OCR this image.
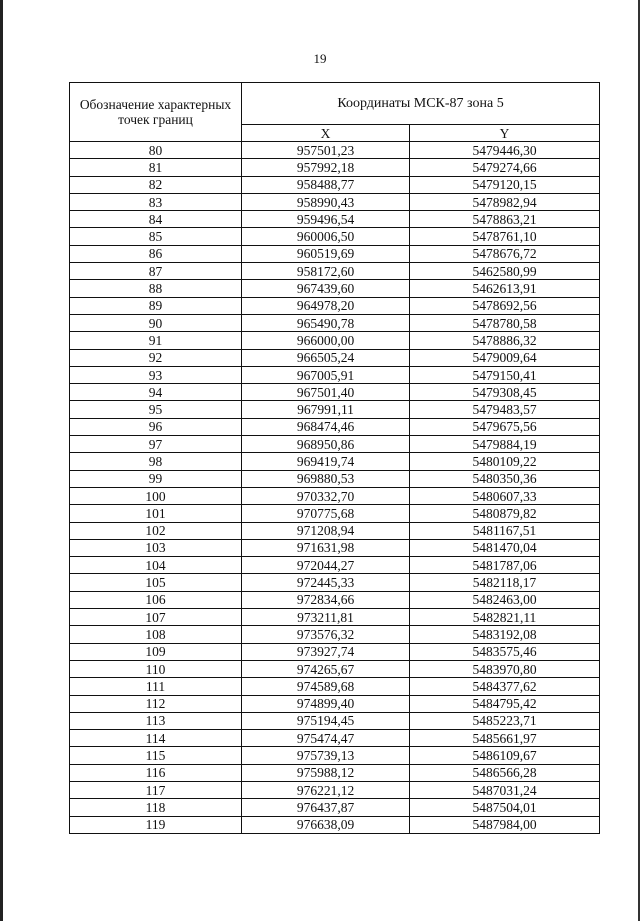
19
Обозначение характерных точек границ	Координаты МСК-87 зона 5	
	X	Y
80	957501,23	5479446,30
81	957992,18	5479274,66
82	958488,77	5479120,15
83	958990,43	5478982,94
84	959496,54	5478863,21
85	960006,50	5478761,10
86	960519,69	5478676,72
87	958172,60	5462580,99
88	967439,60	5462613,91
89	964978,20	5478692,56
90	965490,78	5478780,58
91	966000,00	5478886,32
92	966505,24	5479009,64
93	967005,91	5479150,41
94	967501,40	5479308,45
95	967991,11	5479483,57
96	968474,46	5479675,56
97	968950,86	5479884,19
98	969419,74	5480109,22
99	969880,53	5480350,36
100	970332,70	5480607,33
101	970775,68	5480879,82
102	971208,94	5481167,51
103	971631,98	5481470,04
104	972044,27	5481787,06
105	972445,33	5482118,17
106	972834,66	5482463,00
107	973211,81	5482821,11
108	973576,32	5483192,08
109	973927,74	5483575,46
110	974265,67	5483970,80
111	974589,68	5484377,62
112	974899,40	5484795,42
113	975194,45	5485223,71
114	975474,47	5485661,97
115	975739,13	5486109,67
116	975988,12	5486566,28
117	976221,12	5487031,24
118	976437,87	5487504,01
119	976638,09	5487984,00
